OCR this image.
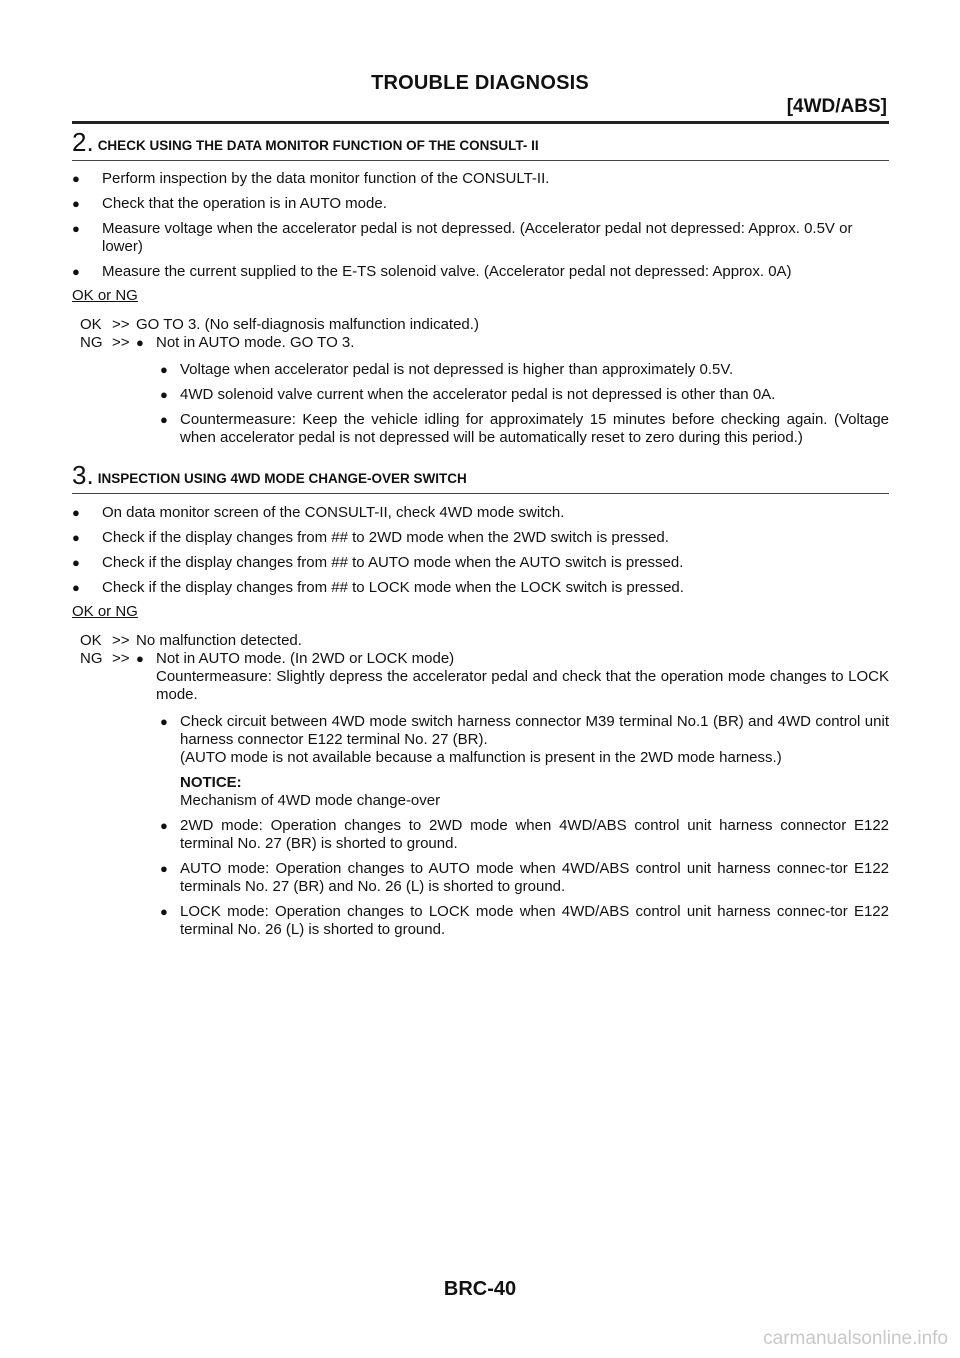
TROUBLE DIAGNOSIS
[4WD/ABS]
2. CHECK USING THE DATA MONITOR FUNCTION OF THE CONSULT- II
● Perform inspection by the data monitor function of the CONSULT-II.
● Check that the operation is in AUTO mode.
● Measure voltage when the accelerator pedal is not depressed. (Accelerator pedal not depressed: Approx. 0.5V or lower)
● Measure the current supplied to the E-TS solenoid valve. (Accelerator pedal not depressed: Approx. 0A)
OK or NG
OK >> GO TO 3. (No self-diagnosis malfunction indicated.)
NG >> ● Not in AUTO mode. GO TO 3.
● Voltage when accelerator pedal is not depressed is higher than approximately 0.5V.
● 4WD solenoid valve current when the accelerator pedal is not depressed is other than 0A.
● Countermeasure: Keep the vehicle idling for approximately 15 minutes before checking again. (Voltage when accelerator pedal is not depressed will be automatically reset to zero during this period.)
3. INSPECTION USING 4WD MODE CHANGE-OVER SWITCH
● On data monitor screen of the CONSULT-II, check 4WD mode switch.
● Check if the display changes from ## to 2WD mode when the 2WD switch is pressed.
● Check if the display changes from ## to AUTO mode when the AUTO switch is pressed.
● Check if the display changes from ## to LOCK mode when the LOCK switch is pressed.
OK or NG
OK >> No malfunction detected.
NG >> ● Not in AUTO mode. (In 2WD or LOCK mode)
Countermeasure: Slightly depress the accelerator pedal and check that the operation mode changes to LOCK mode.
● Check circuit between 4WD mode switch harness connector M39 terminal No.1 (BR) and 4WD control unit harness connector E122 terminal No. 27 (BR).
(AUTO mode is not available because a malfunction is present in the 2WD mode harness.)
NOTICE:
Mechanism of 4WD mode change-over
● 2WD mode: Operation changes to 2WD mode when 4WD/ABS control unit harness connector E122 terminal No. 27 (BR) is shorted to ground.
● AUTO mode: Operation changes to AUTO mode when 4WD/ABS control unit harness connec-tor E122 terminals No. 27 (BR) and No. 26 (L) is shorted to ground.
● LOCK mode: Operation changes to LOCK mode when 4WD/ABS control unit harness connec-tor E122 terminal No. 26 (L) is shorted to ground.
BRC-40
carmanualsonline.info
